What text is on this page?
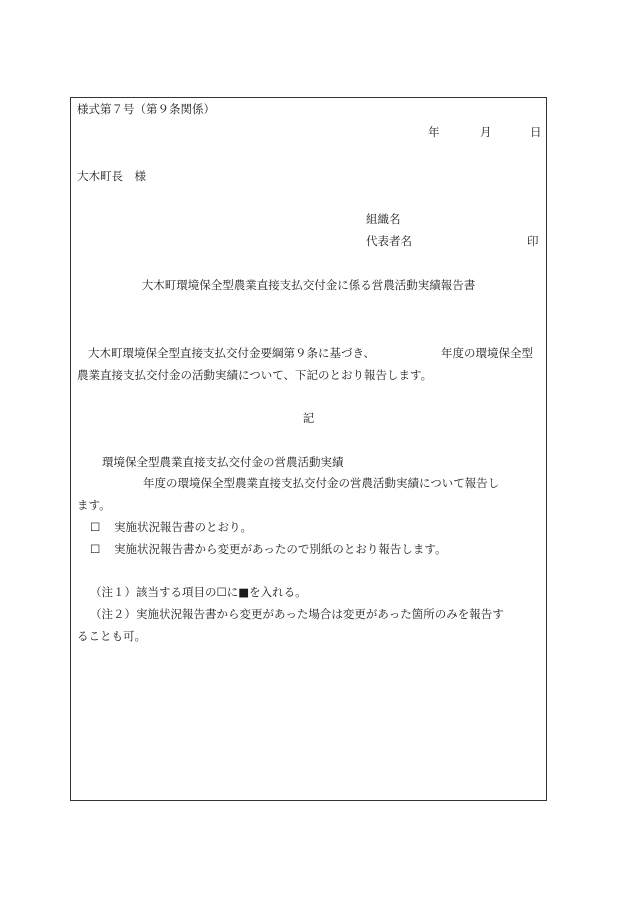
様式第７号（第９条関係）
年	月	日
大木町長　様
組織名
代表者名	印
大木町環境保全型農業直接支払交付金に係る営農活動実績報告書
大木町環境保全型直接支払交付金要綱第９条に基づき、	年度の環境保全型
農業直接支払交付金の活動実績について、下記のとおり報告します。
記
環境保全型農業直接支払交付金の営農活動実績
年度の環境保全型農業直接支払交付金の営農活動実績について報告し
ます。
☐ 実施状況報告書のとおり。
☐ 実施状況報告書から変更があったので別紙のとおり報告します。
（注１）該当する項目の☐に■を入れる。
（注２）実施状況報告書から変更があった場合は変更があった箇所のみを報告す
ることも可。
